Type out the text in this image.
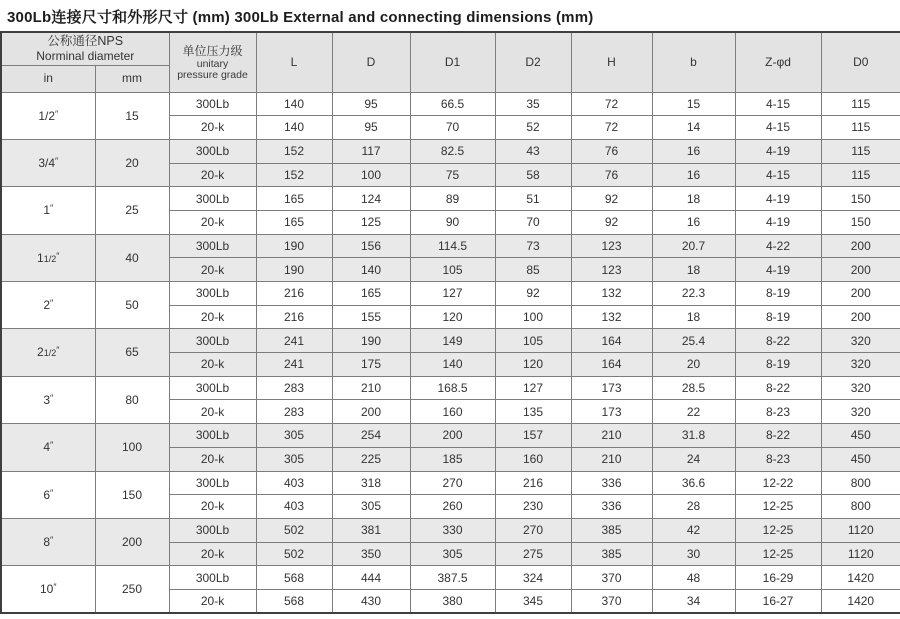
300Lb连接尺寸和外形尺寸 (mm) 300Lb External and connecting dimensions (mm)
公称通径NPS
Norminal diameter	单位压力级
unitary
pressure grade
	L	D	D1	D2	H	b	Z-φd	D0
in	mm									
1/2″	15	300Lb	140	95	66.5	35	72	15	4-15	115
		20-k	140	95	70	52	72	14	4-15	115
3/4″	20	300Lb	152	117	82.5	43	76	16	4-19	115
		20-k	152	100	75	58	76	16	4-15	115
1″	25	300Lb	165	124	89	51	92	18	4-19	150
		20-k	165	125	90	70	92	16	4-19	150
11/2″	40	300Lb	190	156	114.5	73	123	20.7	4-22	200
		20-k	190	140	105	85	123	18	4-19	200
2″	50	300Lb	216	165	127	92	132	22.3	8-19	200
		20-k	216	155	120	100	132	18	8-19	200
21/2″	65	300Lb	241	190	149	105	164	25.4	8-22	320
		20-k	241	175	140	120	164	20	8-19	320
3″	80	300Lb	283	210	168.5	127	173	28.5	8-22	320
		20-k	283	200	160	135	173	22	8-23	320
4″	100	300Lb	305	254	200	157	210	31.8	8-22	450
		20-k	305	225	185	160	210	24	8-23	450
6″	150	300Lb	403	318	270	216	336	36.6	12-22	800
		20-k	403	305	260	230	336	28	12-25	800
8″	200	300Lb	502	381	330	270	385	42	12-25	1120
		20-k	502	350	305	275	385	30	12-25	1120
10″	250	300Lb	568	444	387.5	324	370	48	16-29	1420
		20-k	568	430	380	345	370	34	16-27	1420
